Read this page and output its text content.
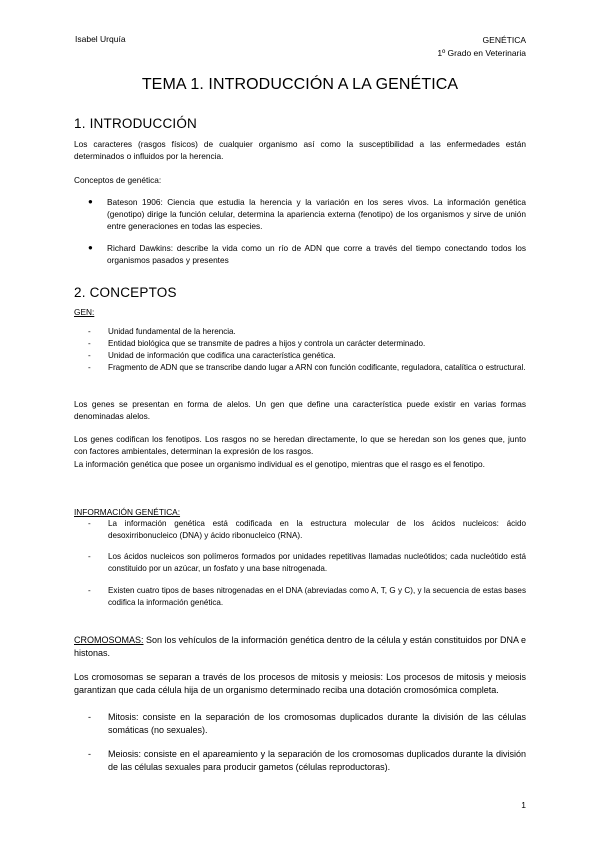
Isabel Urquía	GENÉTICA
1º Grado en Veterinaria
TEMA 1. INTRODUCCIÓN A LA GENÉTICA
1. INTRODUCCIÓN
Los caracteres (rasgos físicos) de cualquier organismo así como la susceptibilidad a las enfermedades están determinados o influidos por la herencia.
Conceptos de genética:
● Bateson 1906: Ciencia que estudia la herencia y la variación en los seres vivos. La información genética (genotipo) dirige la función celular, determina la apariencia externa (fenotipo) de los organismos y sirve de unión entre generaciones en todas las especies.
● Richard Dawkins: describe la vida como un río de ADN que corre a través del tiempo conectando todos los organismos pasados y presentes
2. CONCEPTOS
GEN:
- Unidad fundamental de la herencia.
- Entidad biológica que se transmite de padres a hijos y controla un carácter determinado.
- Unidad de información que codifica una característica genética.
- Fragmento de ADN que se transcribe dando lugar a ARN con función codificante, reguladora, catalítica o estructural.
Los genes se presentan en forma de alelos. Un gen que define una característica puede existir en varias formas denominadas alelos.
Los genes codifican los fenotipos. Los rasgos no se heredan directamente, lo que se heredan son los genes que, junto con factores ambientales, determinan la expresión de los rasgos.
La información genética que posee un organismo individual es el genotipo, mientras que el rasgo es el fenotipo.
INFORMACIÓN GENÉTICA:
- La información genética está codificada en la estructura molecular de los ácidos nucleicos: ácido desoxirribonucleico (DNA) y ácido ribonucleico (RNA).
- Los ácidos nucleicos son polímeros formados por unidades repetitivas llamadas nucleótidos; cada nucleótido está constituido por un azúcar, un fosfato y una base nitrogenada.
- Existen cuatro tipos de bases nitrogenadas en el DNA (abreviadas como A, T, G y C), y la secuencia de estas bases codifica la información genética.
CROMOSOMAS: Son los vehículos de la información genética dentro de la célula y están constituidos por DNA e histonas.
Los cromosomas se separan a través de los procesos de mitosis y meiosis: Los procesos de mitosis y meiosis garantizan que cada célula hija de un organismo determinado reciba una dotación cromosómica completa.
- Mitosis: consiste en la separación de los cromosomas duplicados durante la división de las células somáticas (no sexuales).
- Meiosis: consiste en el apareamiento y la separación de los cromosomas duplicados durante la división de las células sexuales para producir gametos (células reproductoras).
1
